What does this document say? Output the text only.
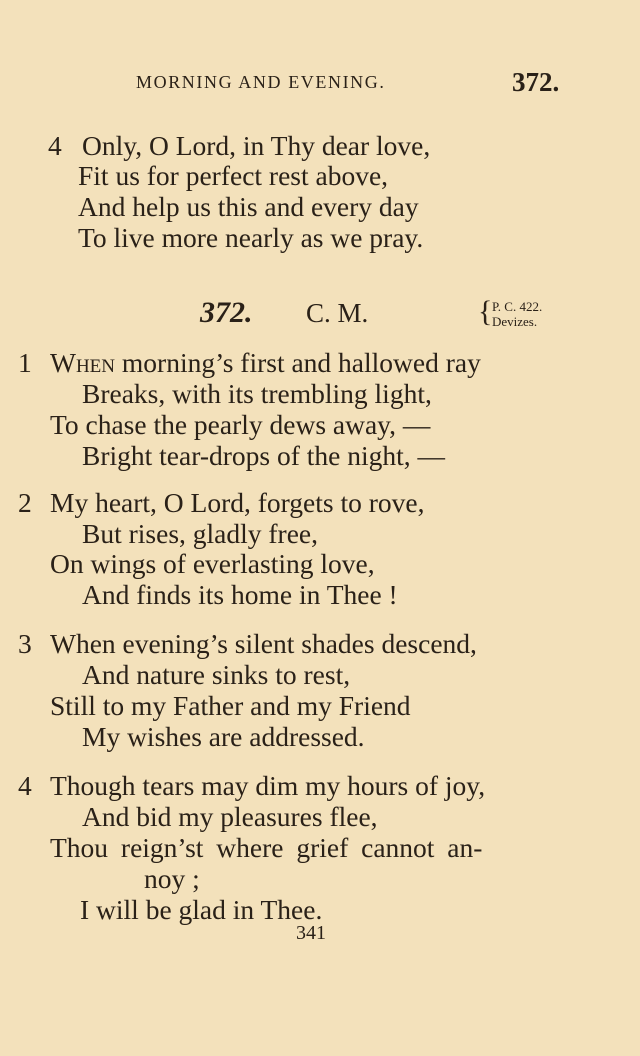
MORNING AND EVENING.	372.
4 Only, O Lord, in Thy dear love,
Fit us for perfect rest above,
And help us this and every day
To live more nearly as we pray.
372. C. M.	{ P. C. 422.
Devizes.
1 When morning’s first and hallowed ray
Breaks, with its trembling light,
To chase the pearly dews away, —
Bright tear-drops of the night, —
2 My heart, O Lord, forgets to rove,
But rises, gladly free,
On wings of everlasting love,
And finds its home in Thee !
3 When evening’s silent shades descend,
And nature sinks to rest,
Still to my Father and my Friend
My wishes are addressed.
4 Though tears may dim my hours of joy,
And bid my pleasures flee,
Thou reign’st where grief cannot an-
noy ;
I will be glad in Thee.
341
